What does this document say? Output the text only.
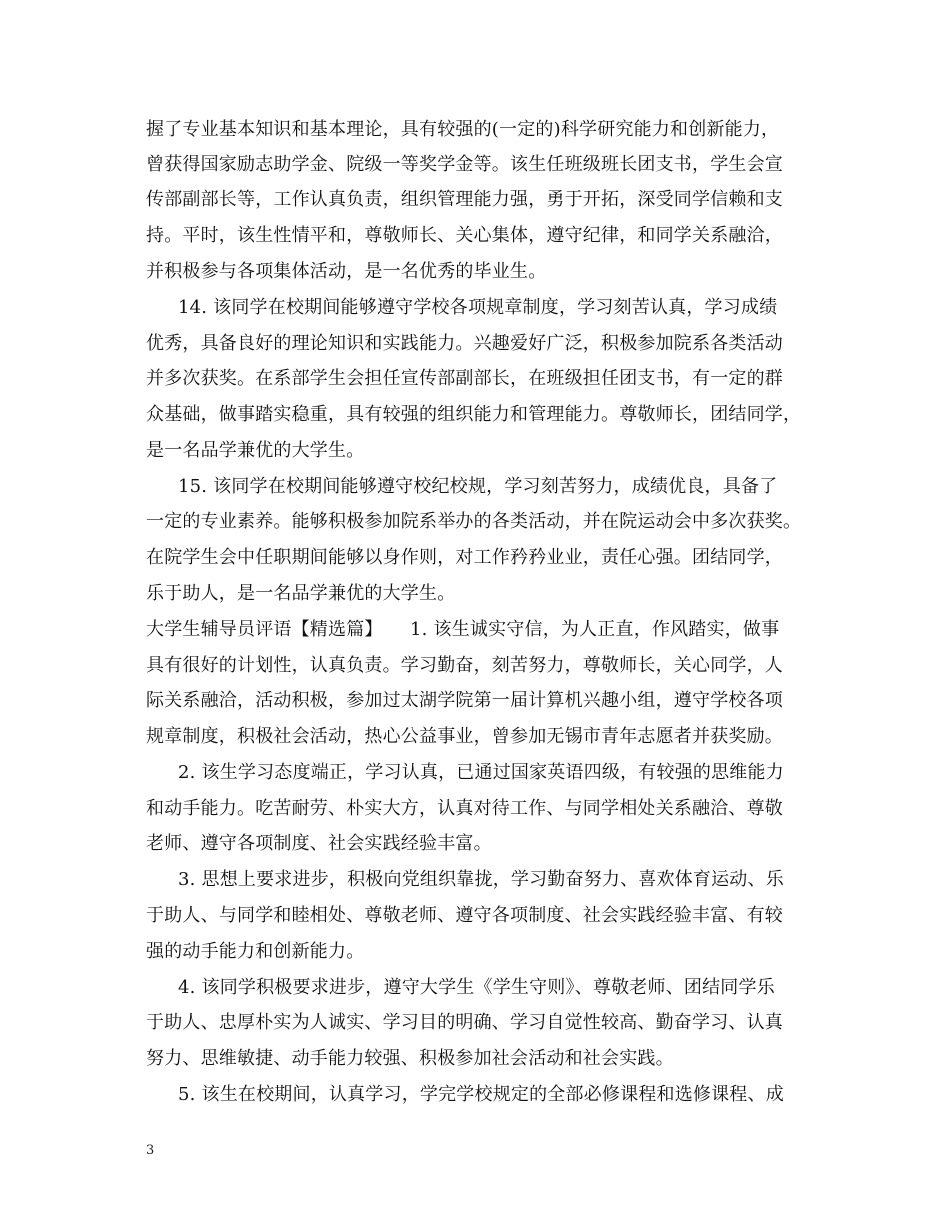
握了专业基本知识和基本理论，具有较强的(一定的)科学研究能力和创新能力，
曾获得国家励志助学金、院级一等奖学金等。该生任班级班长团支书，学生会宣
传部副部长等，工作认真负责，组织管理能力强，勇于开拓，深受同学信赖和支
持。平时，该生性情平和，尊敬师长、关心集体，遵守纪律，和同学关系融洽，
并积极参与各项集体活动，是一名优秀的毕业生。
14. 该同学在校期间能够遵守学校各项规章制度，学习刻苦认真，学习成绩
优秀，具备良好的理论知识和实践能力。兴趣爱好广泛，积极参加院系各类活动
并多次获奖。在系部学生会担任宣传部副部长，在班级担任团支书，有一定的群
众基础，做事踏实稳重，具有较强的组织能力和管理能力。尊敬师长，团结同学，
是一名品学兼优的大学生。
15. 该同学在校期间能够遵守校纪校规，学习刻苦努力，成绩优良，具备了
一定的专业素养。能够积极参加院系举办的各类活动，并在院运动会中多次获奖。
在院学生会中任职期间能够以身作则，对工作矜矜业业，责任心强。团结同学，
乐于助人，是一名品学兼优的大学生。
大学生辅导员评语【精选篇】　　1. 该生诚实守信，为人正直，作风踏实，做事
具有很好的计划性，认真负责。学习勤奋，刻苦努力，尊敬师长，关心同学，人
际关系融洽，活动积极，参加过太湖学院第一届计算机兴趣小组，遵守学校各项
规章制度，积极社会活动，热心公益事业，曾参加无锡市青年志愿者并获奖励。
2. 该生学习态度端正，学习认真，已通过国家英语四级，有较强的思维能力
和动手能力。吃苦耐劳、朴实大方，认真对待工作、与同学相处关系融洽、尊敬
老师、遵守各项制度、社会实践经验丰富。
3. 思想上要求进步，积极向党组织靠拢，学习勤奋努力、喜欢体育运动、乐
于助人、与同学和睦相处、尊敬老师、遵守各项制度、社会实践经验丰富、有较
强的动手能力和创新能力。
4. 该同学积极要求进步，遵守大学生《学生守则》、尊敬老师、团结同学乐
于助人、忠厚朴实为人诚实、学习目的明确、学习自觉性较高、勤奋学习、认真
努力、思维敏捷、动手能力较强、积极参加社会活动和社会实践。
5. 该生在校期间，认真学习，学完学校规定的全部必修课程和选修课程、成
3
